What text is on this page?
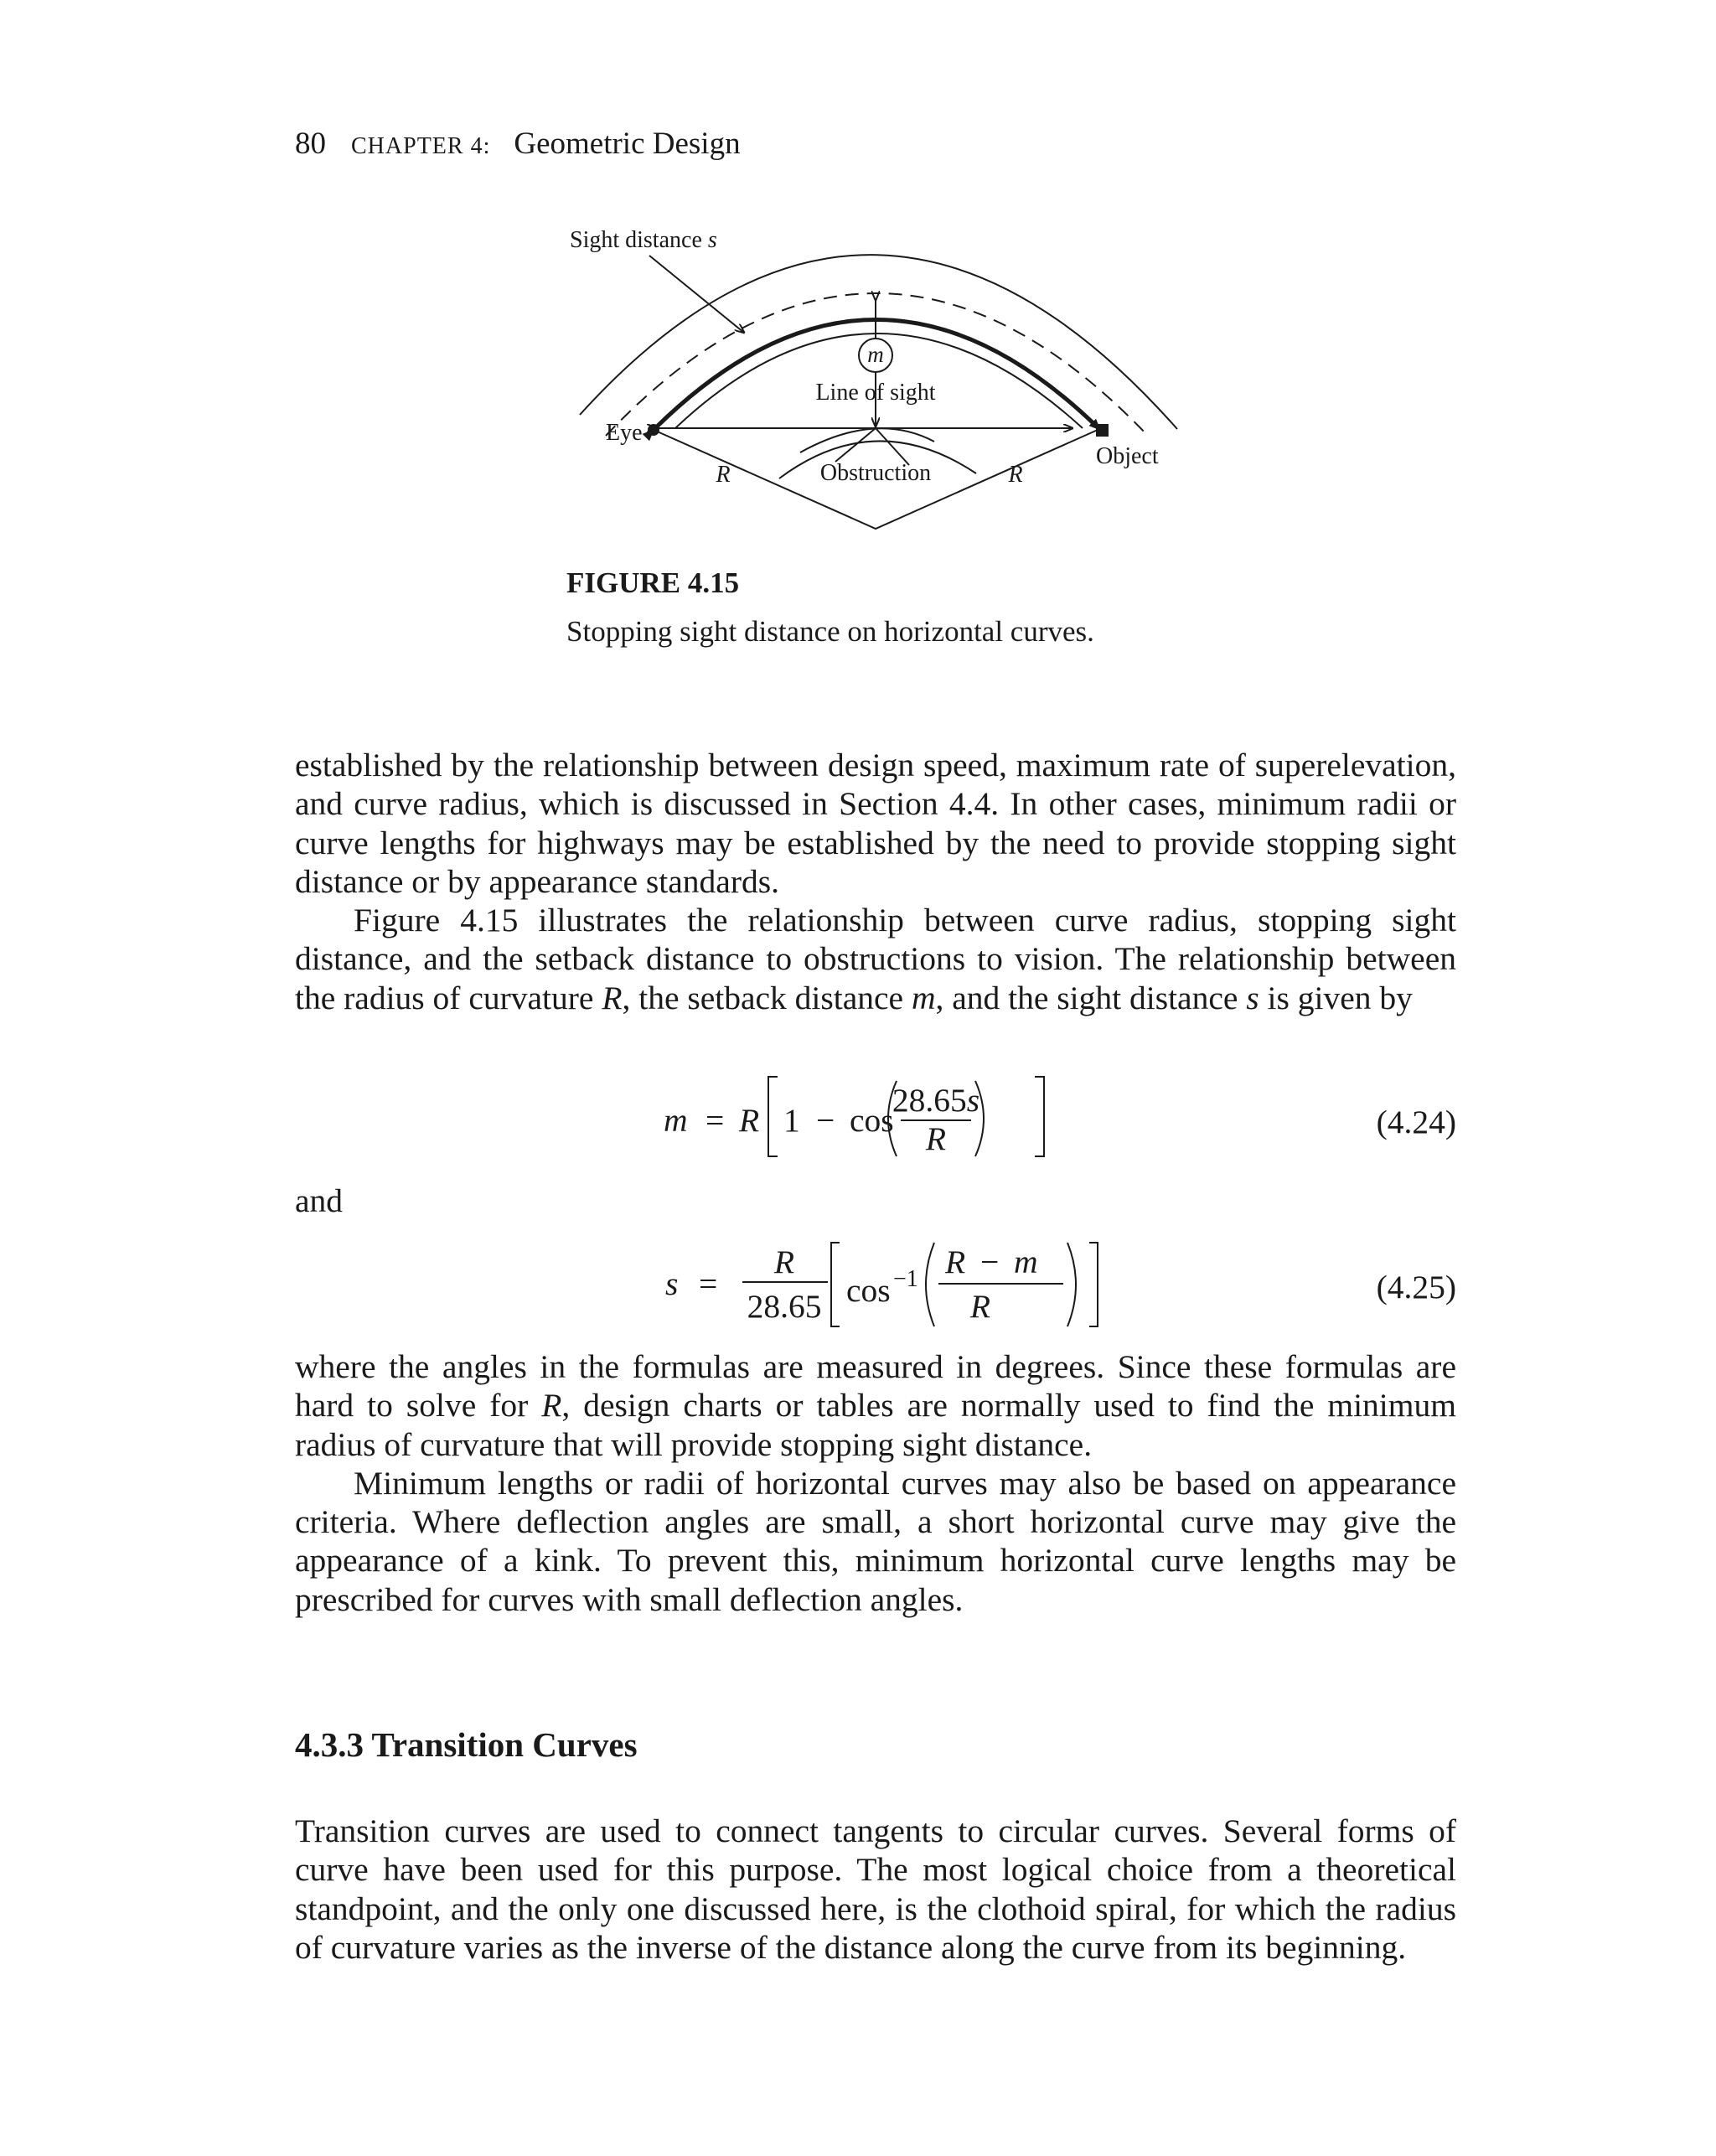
80 CHAPTER 4: Geometric Design
m
Sight distance s
Line of sight
Eye
Object
Obstruction
R	R
FIGURE 4.15
Stopping sight distance on horizontal curves.

established by the relationship between design speed, maximum rate of superelevation, and curve radius, which is discussed in Section 4.4. In other cases, minimum radii or curve lengths for highways may be established by the need to provide stopping sight distance or by appearance standards.

Figure 4.15 illustrates the relationship between curve radius, stopping sight distance, and the setback distance to obstructions to vision. The relationship between the radius of curvature R, the setback distance m, and the sight distance s is given by

m = R 1 − cos
28.65s
R	(4.24)
and
s =
R
28.65 cos −1 R − m
R
(4.25)

where the angles in the formulas are measured in degrees. Since these formulas are hard to solve for R, design charts or tables are normally used to find the minimum radius of curvature that will provide stopping sight distance.

Minimum lengths or radii of horizontal curves may also be based on appearance criteria. Where deflection angles are small, a short horizontal curve may give the appearance of a kink. To prevent this, minimum horizontal curve lengths may be prescribed for curves with small deflection angles.

4.3.3 Transition Curves

Transition curves are used to connect tangents to circular curves. Several forms of curve have been used for this purpose. The most logical choice from a theoretical standpoint, and the only one discussed here, is the clothoid spiral, for which the radius of curvature varies as the inverse of the distance along the curve from its beginning.
